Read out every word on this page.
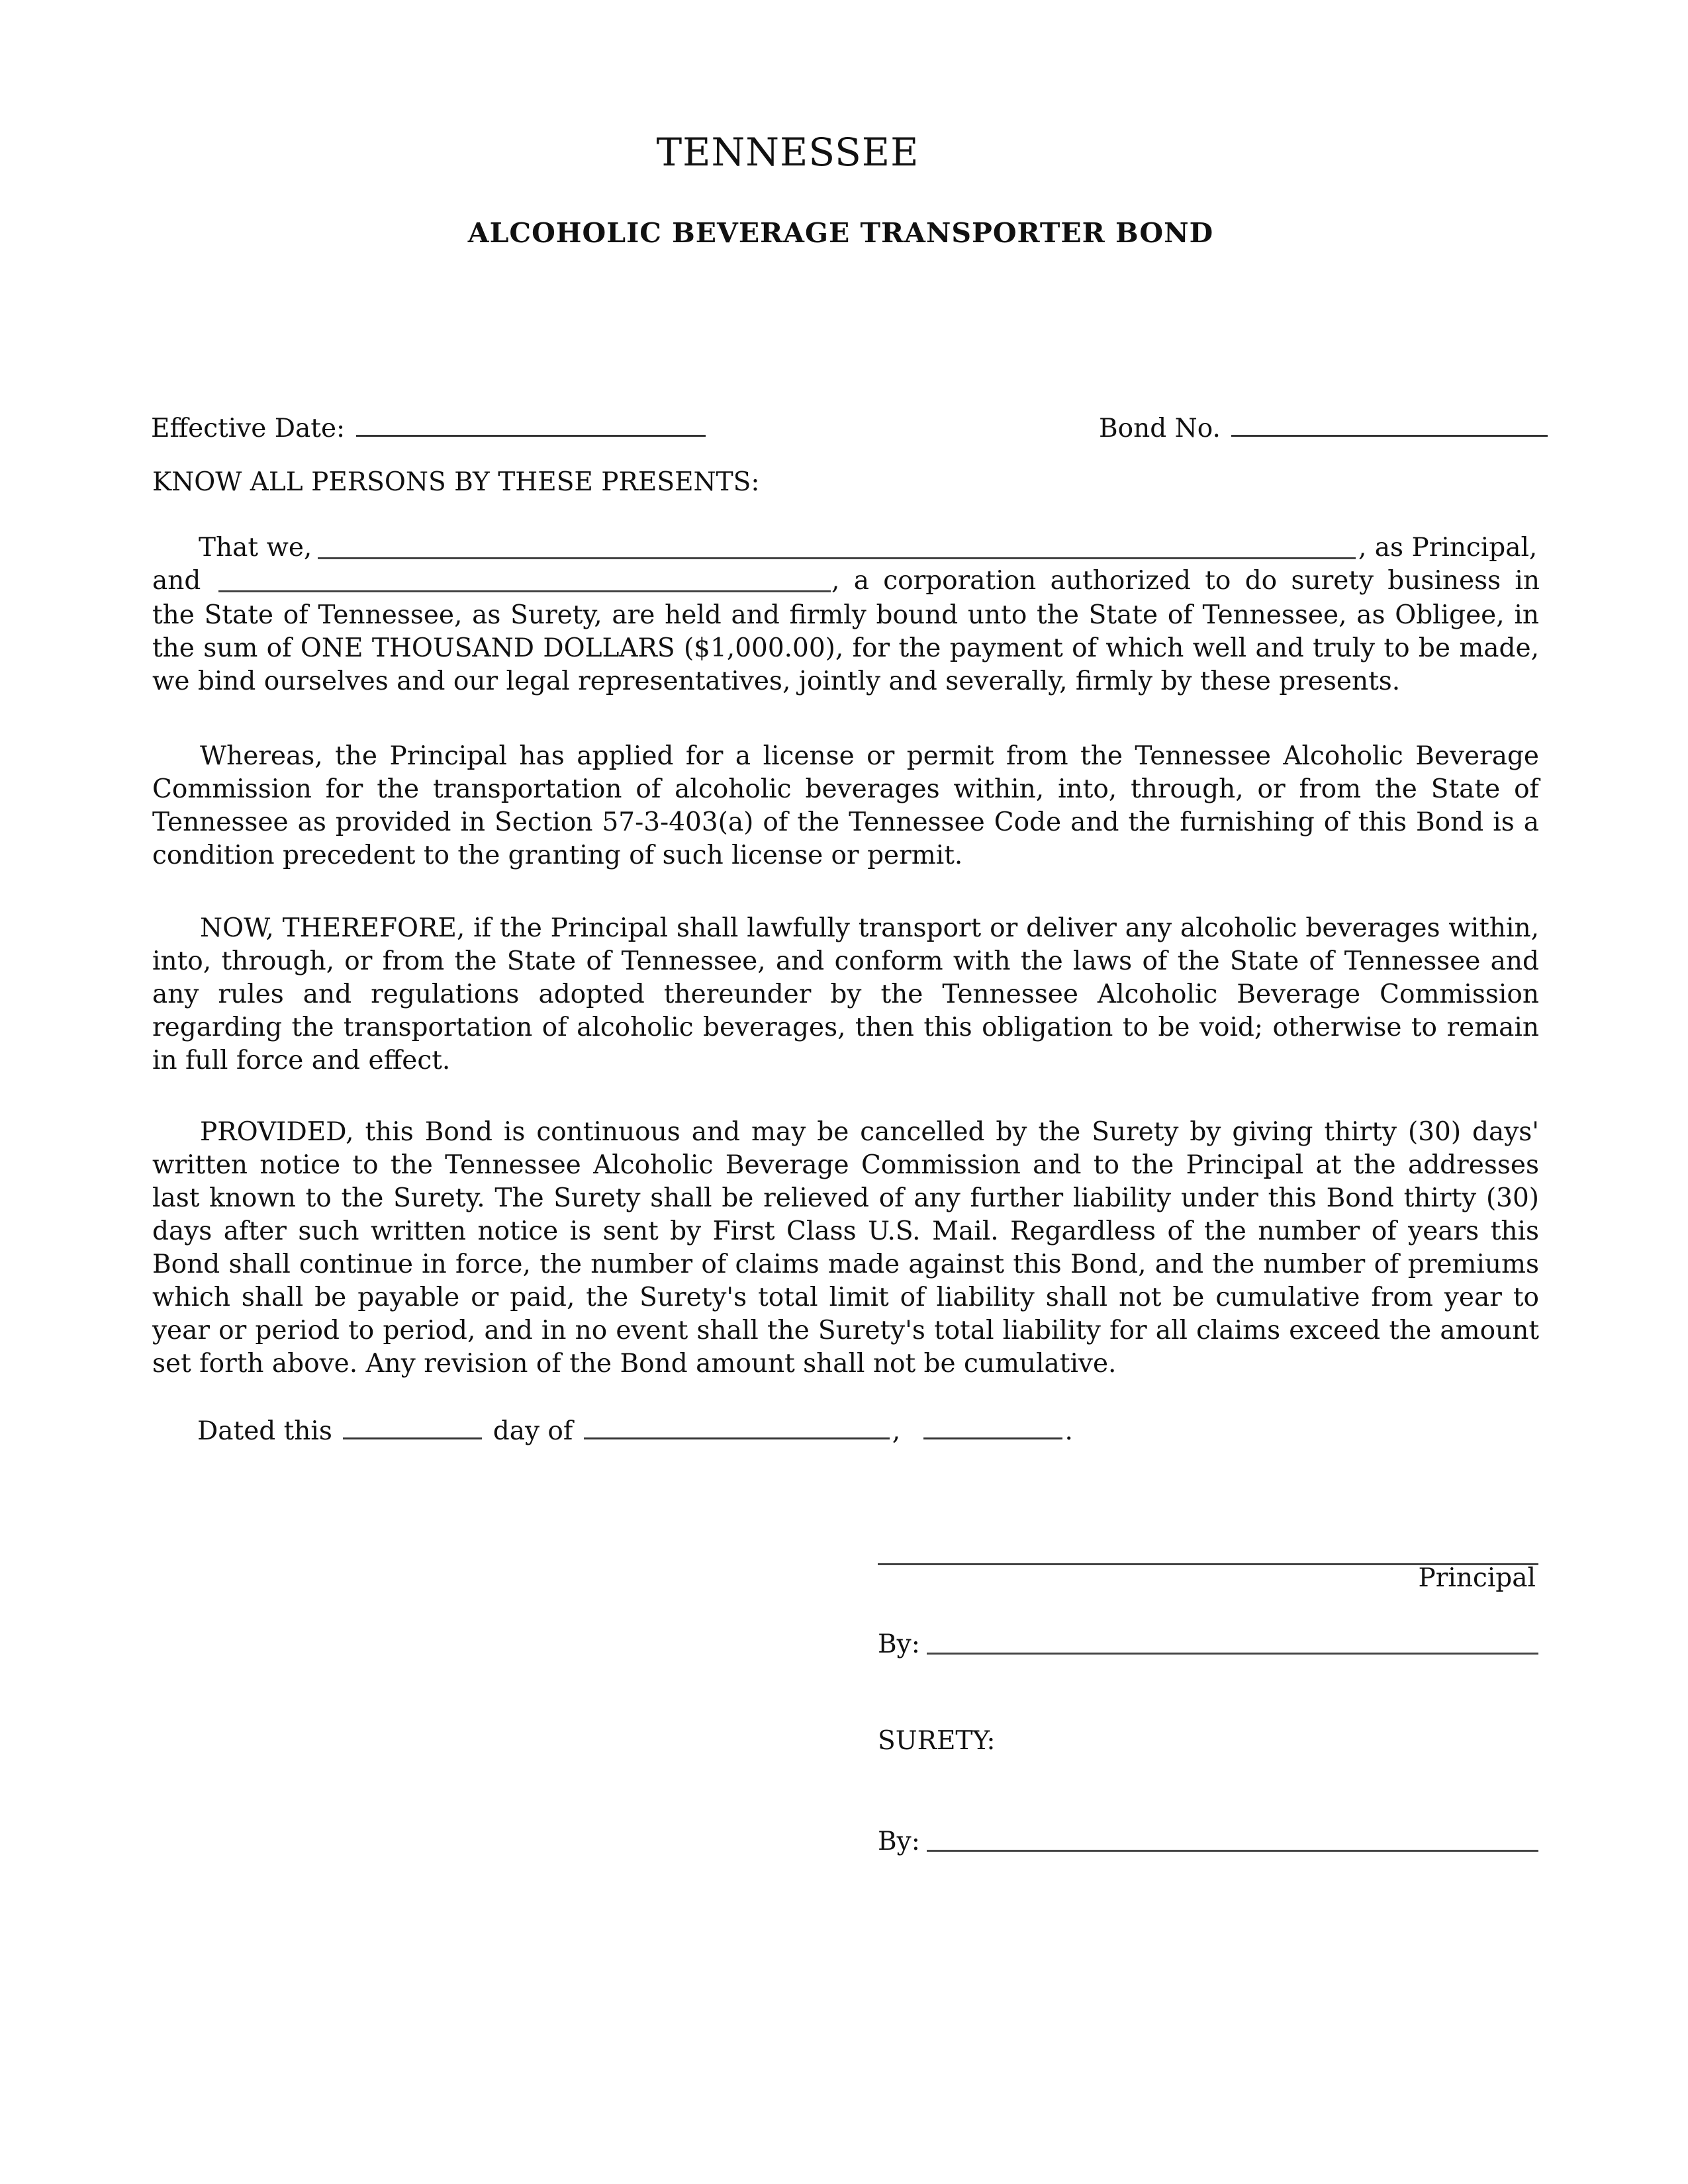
TENNESSEE
ALCOHOLIC BEVERAGE TRANSPORTER BOND
Effective Date:	Bond No.
KNOW ALL PERSONS BY THESE PRESENTS:
That we,	, as Principal,
and	, a corporation authorized to do surety business in

the State of Tennessee, as Surety, are held and firmly bound unto the State of Tennessee, as Obligee, in the sum of ONE THOUSAND DOLLARS ($1,000.00), for the payment of which well and truly to be made, we bind ourselves and our legal representatives, jointly and severally, firmly by these presents.

Whereas, the Principal has applied for a license or permit from the Tennessee Alcoholic Beverage Commission for the transportation of alcoholic beverages within, into, through, or from the State of Tennessee as provided in Section 57-3-403(a) of the Tennessee Code and the furnishing of this Bond is a condition precedent to the granting of such license or permit.

NOW, THEREFORE, if the Principal shall lawfully transport or deliver any alcoholic beverages within, into, through, or from the State of Tennessee, and conform with the laws of the State of Tennessee and any rules and regulations adopted thereunder by the Tennessee Alcoholic Beverage Commission regarding the transportation of alcoholic beverages, then this obligation to be void; otherwise to remain in full force and effect.

PROVIDED, this Bond is continuous and may be cancelled by the Surety by giving thirty (30) days' written notice to the Tennessee Alcoholic Beverage Commission and to the Principal at the addresses last known to the Surety. The Surety shall be relieved of any further liability under this Bond thirty (30) days after such written notice is sent by First Class U.S. Mail. Regardless of the number of years this Bond shall continue in force, the number of claims made against this Bond, and the number of premiums which shall be payable or paid, the Surety's total limit of liability shall not be cumulative from year to year or period to period, and in no event shall the Surety's total liability for all claims exceed the amount set forth above. Any revision of the Bond amount shall not be cumulative.

Dated this	day of	,	.
Principal
By:
SURETY:
By:
